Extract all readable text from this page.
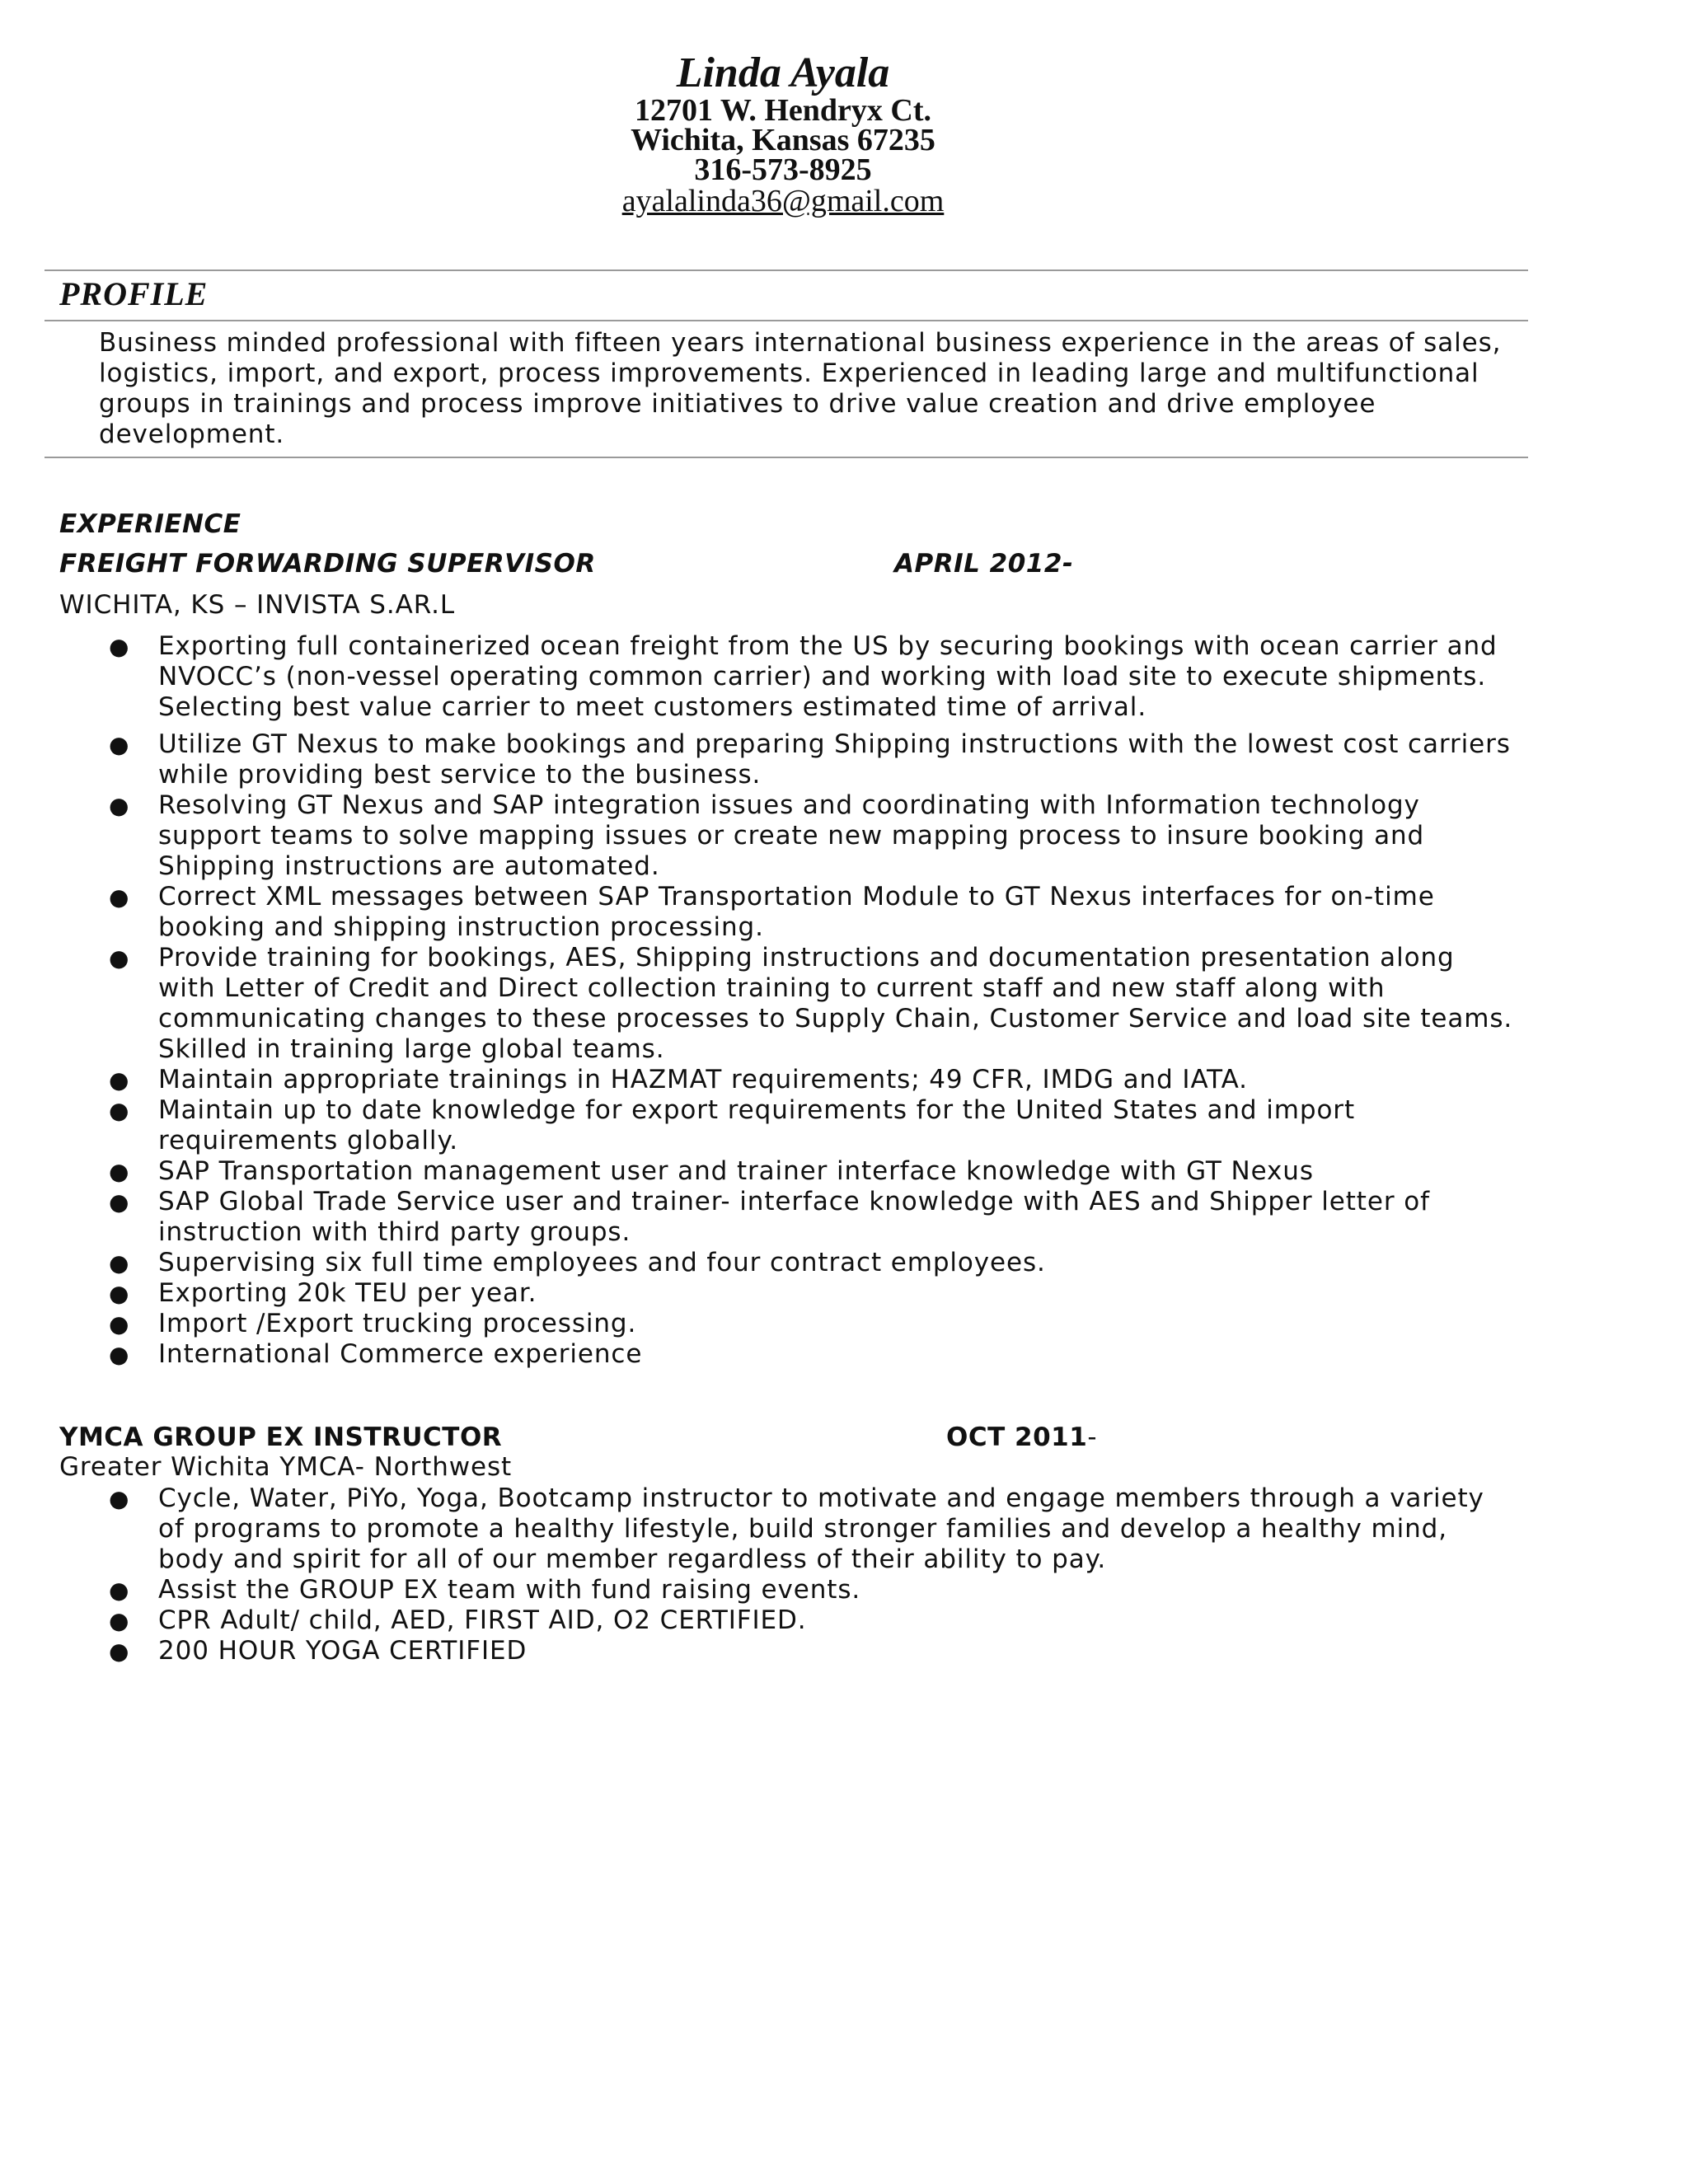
Linda Ayala
12701 W. Hendryx Ct.
Wichita, Kansas 67235
316-573-8925
ayalalinda36@gmail.com
PROFILE
Business minded professional with fifteen years international business experience in the areas of sales, logistics, import, and export, process improvements. Experienced in leading large and multifunctional groups in trainings and process improve initiatives to drive value creation and drive employee development.
EXPERIENCE
FREIGHT FORWARDING SUPERVISOR	APRIL 2012-
WICHITA, KS – INVISTA S.AR.L
● Exporting full containerized ocean freight from the US by securing bookings with ocean carrier and NVOCC’s (non-vessel operating common carrier) and working with load site to execute shipments. Selecting best value carrier to meet customers estimated time of arrival.
● Utilize GT Nexus to make bookings and preparing Shipping instructions with the lowest cost carriers while providing best service to the business.
● Resolving GT Nexus and SAP integration issues and coordinating with Information technology support teams to solve mapping issues or create new mapping process to insure booking and Shipping instructions are automated.
● Correct XML messages between SAP Transportation Module to GT Nexus interfaces for on-time booking and shipping instruction processing.
● Provide training for bookings, AES, Shipping instructions and documentation presentation along with Letter of Credit and Direct collection training to current staff and new staff along with communicating changes to these processes to Supply Chain, Customer Service and load site teams. Skilled in training large global teams.
● Maintain appropriate trainings in HAZMAT requirements; 49 CFR, IMDG and IATA.
● Maintain up to date knowledge for export requirements for the United States and import requirements globally.
● SAP Transportation management user and trainer interface knowledge with GT Nexus
● SAP Global Trade Service user and trainer- interface knowledge with AES and Shipper letter of instruction with third party groups.
● Supervising six full time employees and four contract employees.
● Exporting 20k TEU per year.
● Import /Export trucking processing.
● International Commerce experience
YMCA GROUP EX INSTRUCTOR	OCT 2011-
Greater Wichita YMCA- Northwest
● Cycle, Water, PiYo, Yoga, Bootcamp instructor to motivate and engage members through a variety of programs to promote a healthy lifestyle, build stronger families and develop a healthy mind, body and spirit for all of our member regardless of their ability to pay.
● Assist the GROUP EX team with fund raising events.
● CPR Adult/ child, AED, FIRST AID, O2 CERTIFIED.
● 200 HOUR YOGA CERTIFIED
